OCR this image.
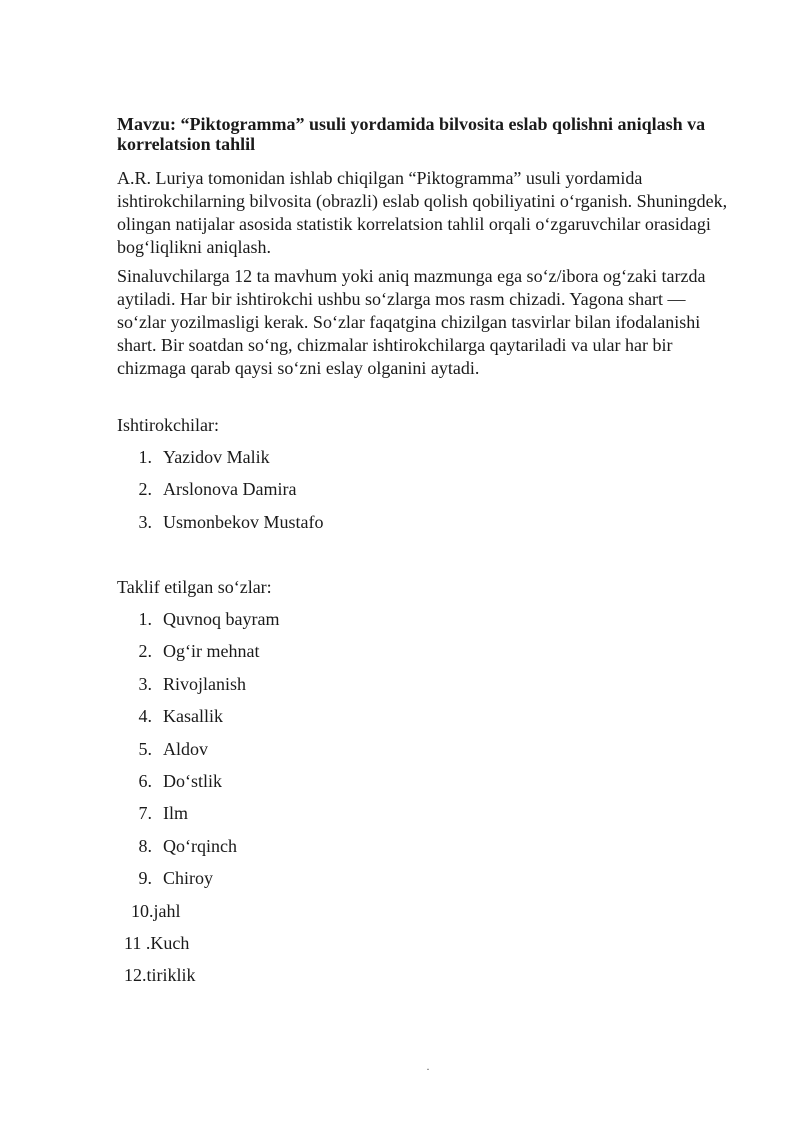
Mavzu: “Piktogramma” usuli yordamida bilvosita eslab qolishni aniqlash va korrelatsion tahlil

A.R. Luriya tomonidan ishlab chiqilgan “Piktogramma” usuli yordamida ishtirokchilarning bilvosita (obrazli) eslab qolish qobiliyatini oʻrganish. Shuningdek, olingan natijalar asosida statistik korrelatsion tahlil orqali oʻzgaruvchilar orasidagi bogʻliqlikni aniqlash.

Sinaluvchilarga 12 ta mavhum yoki aniq mazmunga ega soʻz/ibora ogʻzaki tarzda aytiladi. Har bir ishtirokchi ushbu soʻzlarga mos rasm chizadi. Yagona shart — soʻzlar yozilmasligi kerak. Soʻzlar faqatgina chizilgan tasvirlar bilan ifodalanishi shart. Bir soatdan soʻng, chizmalar ishtirokchilarga qaytariladi va ular har bir chizmaga qarab qaysi soʻzni eslay olganini aytadi.

Ishtirokchilar:

1. Yazidov Malik
2. Arslonova Damira
3. Usmonbekov Mustafo

Taklif etilgan soʻzlar:

1. Quvnoq bayram
2. Ogʻir mehnat
3. Rivojlanish
4. Kasallik
5. Aldov
6. Doʻstlik
7. Ilm
8. Qoʻrqinch
9. Chiroy
10.jahl
11 .Kuch
12.tiriklik
·
